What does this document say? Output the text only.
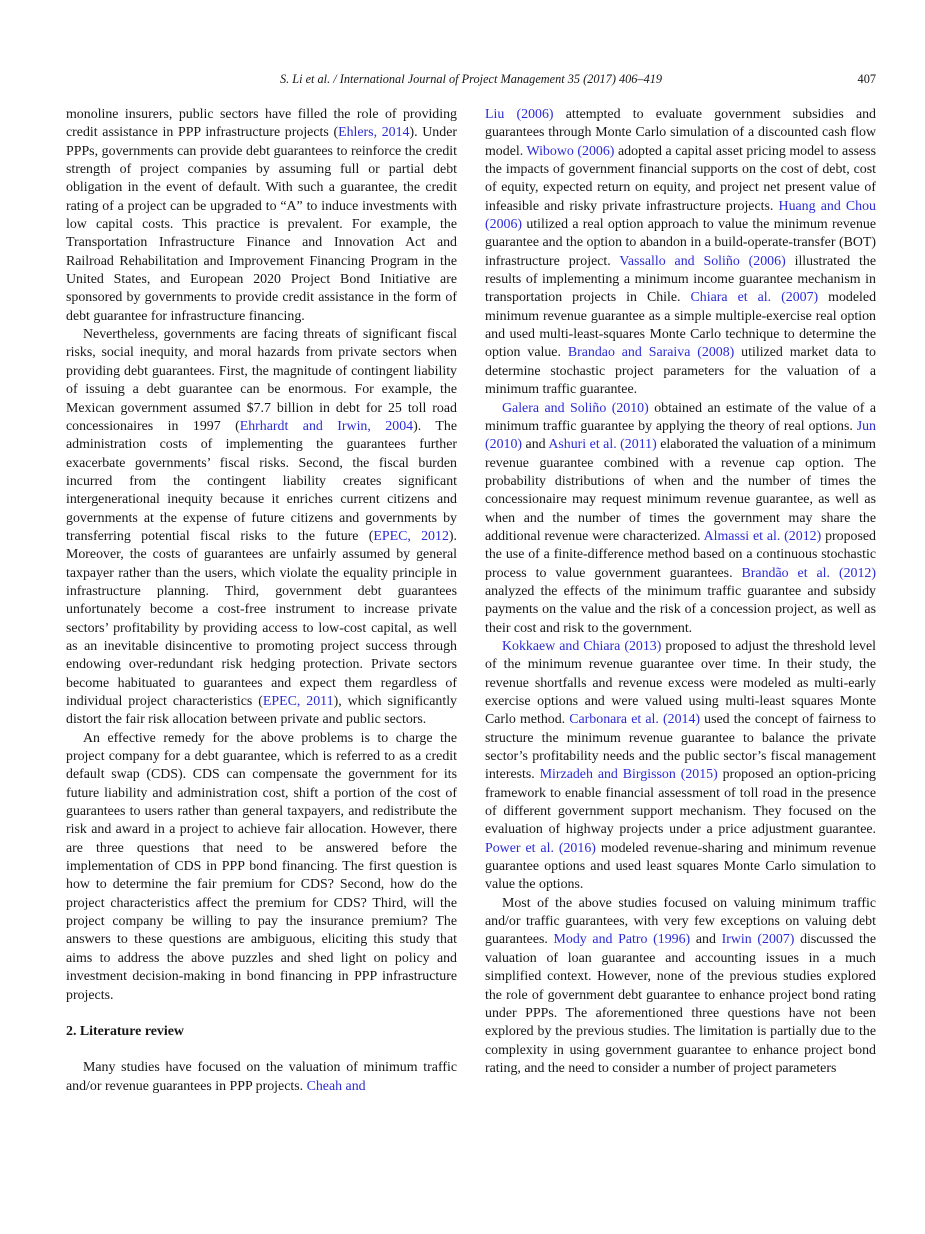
S. Li et al. / International Journal of Project Management 35 (2017) 406–419	407

monoline insurers, public sectors have filled the role of providing credit assistance in PPP infrastructure projects (Ehlers, 2014). Under PPPs, governments can provide debt guarantees to reinforce the credit strength of project companies by assuming full or partial debt obligation in the event of default. With such a guarantee, the credit rating of a project can be upgraded to “A” to induce investments with low capital costs. This practice is prevalent. For example, the Transportation Infrastructure Finance and Innovation Act and Railroad Rehabilitation and Improvement Financing Program in the United States, and European 2020 Project Bond Initiative are sponsored by governments to provide credit assistance in the form of debt guarantee for infrastructure financing.

Nevertheless, governments are facing threats of significant fiscal risks, social inequity, and moral hazards from private sectors when providing debt guarantees. First, the magnitude of contingent liability of issuing a debt guarantee can be enormous. For example, the Mexican government assumed $7.7 billion in debt for 25 toll road concessionaires in 1997 (Ehrhardt and Irwin, 2004). The administration costs of implementing the guarantees further exacerbate governments’ fiscal risks. Second, the fiscal burden incurred from the contingent liability creates significant intergenerational inequity because it enriches current citizens and governments at the expense of future citizens and governments by transferring potential fiscal risks to the future (EPEC, 2012). Moreover, the costs of guarantees are unfairly assumed by general taxpayer rather than the users, which violate the equality principle in infrastructure planning. Third, government debt guarantees unfortunately become a cost-free instrument to increase private sectors’ profitability by providing access to low-cost capital, as well as an inevitable disincentive to promoting project success through endowing over-redundant risk hedging protection. Private sectors become habituated to guarantees and expect them regardless of individual project characteristics (EPEC, 2011), which significantly distort the fair risk allocation between private and public sectors.

An effective remedy for the above problems is to charge the project company for a debt guarantee, which is referred to as a credit default swap (CDS). CDS can compensate the government for its future liability and administration cost, shift a portion of the cost of guarantees to users rather than general taxpayers, and redistribute the risk and award in a project to achieve fair allocation. However, there are three questions that need to be answered before the implementation of CDS in PPP bond financing. The first question is how to determine the fair premium for CDS? Second, how do the project characteristics affect the premium for CDS? Third, will the project company be willing to pay the insurance premium? The answers to these questions are ambiguous, eliciting this study that aims to address the above puzzles and shed light on policy and investment decision-making in bond financing in PPP infrastructure projects.

2. Literature review

Many studies have focused on the valuation of minimum traffic and/or revenue guarantees in PPP projects. Cheah and

Liu (2006) attempted to evaluate government subsidies and guarantees through Monte Carlo simulation of a discounted cash flow model. Wibowo (2006) adopted a capital asset pricing model to assess the impacts of government financial supports on the cost of debt, cost of equity, expected return on equity, and project net present value of infeasible and risky private infrastructure projects. Huang and Chou (2006) utilized a real option approach to value the minimum revenue guarantee and the option to abandon in a build-operate-transfer (BOT) infrastructure project. Vassallo and Soliño (2006) illustrated the results of implementing a minimum income guarantee mechanism in transportation projects in Chile. Chiara et al. (2007) modeled minimum revenue guarantee as a simple multiple-exercise real option and used multi-least-squares Monte Carlo technique to determine the option value. Brandao and Saraiva (2008) utilized market data to determine stochastic project parameters for the valuation of a minimum traffic guarantee.

Galera and Soliño (2010) obtained an estimate of the value of a minimum traffic guarantee by applying the theory of real options. Jun (2010) and Ashuri et al. (2011) elaborated the valuation of a minimum revenue guarantee combined with a revenue cap option. The probability distributions of when and the number of times the concessionaire may request minimum revenue guarantee, as well as when and the number of times the government may share the additional revenue were characterized. Almassi et al. (2012) proposed the use of a finite-difference method based on a continuous stochastic process to value government guarantees. Brandão et al. (2012) analyzed the effects of the minimum traffic guarantee and subsidy payments on the value and the risk of a concession project, as well as their cost and risk to the government.

Kokkaew and Chiara (2013) proposed to adjust the threshold level of the minimum revenue guarantee over time. In their study, the revenue shortfalls and revenue excess were modeled as multi-early exercise options and were valued using multi-least squares Monte Carlo method. Carbonara et al. (2014) used the concept of fairness to structure the minimum revenue guarantee to balance the private sector’s profitability needs and the public sector’s fiscal management interests. Mirzadeh and Birgisson (2015) proposed an option-pricing framework to enable financial assessment of toll road in the presence of different government support mechanism. They focused on the evaluation of highway projects under a price adjustment guarantee. Power et al. (2016) modeled revenue-sharing and minimum revenue guarantee options and used least squares Monte Carlo simulation to value the options.

Most of the above studies focused on valuing minimum traffic and/or traffic guarantees, with very few exceptions on valuing debt guarantees. Mody and Patro (1996) and Irwin (2007) discussed the valuation of loan guarantee and accounting issues in a much simplified context. However, none of the previous studies explored the role of government debt guarantee to enhance project bond rating under PPPs. The aforementioned three questions have not been explored by the previous studies. The limitation is partially due to the complexity in using government guarantee to enhance project bond rating, and the need to consider a number of project parameters
